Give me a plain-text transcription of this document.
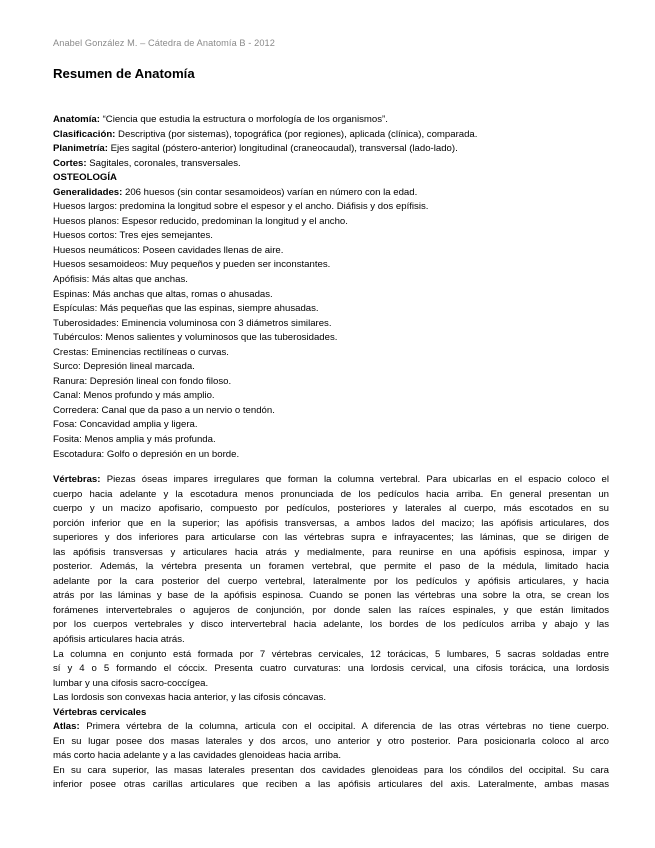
Anabel González M. – Cátedra de Anatomía B - 2012
Resumen de Anatomía
Anatomía: “Ciencia que estudia la estructura o morfología de los organismos”.
Clasificación: Descriptiva (por sistemas), topográfica (por regiones), aplicada (clínica), comparada.
Planimetría: Ejes sagital (póstero-anterior) longitudinal (craneocaudal), transversal (lado-lado).
Cortes: Sagitales, coronales, transversales.
OSTEOLOGÍA
Generalidades: 206 huesos (sin contar sesamoideos) varían en número con la edad.
Huesos largos: predomina la longitud sobre el espesor y el ancho. Diáfisis y dos epífisis.
Huesos planos: Espesor reducido, predominan la longitud y el ancho.
Huesos cortos: Tres ejes semejantes.
Huesos neumáticos: Poseen cavidades llenas de aire.
Huesos sesamoideos: Muy pequeños y pueden ser inconstantes.
Apófisis: Más altas que anchas.
Espinas: Más anchas que altas, romas o ahusadas.
Espículas: Más pequeñas que las espinas, siempre ahusadas.
Tuberosidades: Eminencia voluminosa con 3 diámetros similares.
Tubérculos: Menos salientes y voluminosos que las tuberosidades.
Crestas: Eminencias rectilíneas o curvas.
Surco: Depresión lineal marcada.
Ranura: Depresión lineal con fondo filoso.
Canal: Menos profundo y más amplio.
Corredera: Canal que da paso a un nervio o tendón.
Fosa: Concavidad amplia y ligera.
Fosita: Menos amplia y más profunda.
Escotadura: Golfo o depresión en un borde.
Vértebras: Piezas óseas impares irregulares que forman la columna vertebral. Para ubicarlas en el espacio coloco el
cuerpo hacia adelante y la escotadura menos pronunciada de los pedículos hacia arriba. En general presentan un
cuerpo y un macizo apofisario, compuesto por pedículos, posteriores y laterales al cuerpo, más escotados en su
porción inferior que en la superior; las apófisis transversas, a ambos lados del macizo; las apófisis articulares, dos
superiores y dos inferiores para articularse con las vértebras supra e infrayacentes; las láminas, que se dirigen de
las apófisis transversas y articulares hacia atrás y medialmente, para reunirse en una apófisis espinosa, impar y
posterior. Además, la vértebra presenta un foramen vertebral, que permite el paso de la médula, limitado hacia
adelante por la cara posterior del cuerpo vertebral, lateralmente por los pedículos y apófisis articulares, y hacia
atrás por las láminas y base de la apófisis espinosa. Cuando se ponen las vértebras una sobre la otra, se crean los
forámenes intervertebrales o agujeros de conjunción, por donde salen las raíces espinales, y que están limitados
por los cuerpos vertebrales y disco intervertebral hacia adelante, los bordes de los pedículos arriba y abajo y las
apófisis articulares hacia atrás.
La columna en conjunto está formada por 7 vértebras cervicales, 12 torácicas, 5 lumbares, 5 sacras soldadas entre
sí y 4 o 5 formando el cóccix. Presenta cuatro curvaturas: una lordosis cervical, una cifosis torácica, una lordosis
lumbar y una cifosis sacro-coccígea.
Las lordosis son convexas hacia anterior, y las cifosis cóncavas.
Vértebras cervicales
Atlas: Primera vértebra de la columna, articula con el occipital. A diferencia de las otras vértebras no tiene cuerpo.
En su lugar posee dos masas laterales y dos arcos, uno anterior y otro posterior. Para posicionarla coloco al arco
más corto hacia adelante y a las cavidades glenoideas hacia arriba.
En su cara superior, las masas laterales presentan dos cavidades glenoideas para los cóndilos del occipital. Su cara
inferior posee otras carillas articulares que reciben a las apófisis articulares del axis. Lateralmente, ambas masas
